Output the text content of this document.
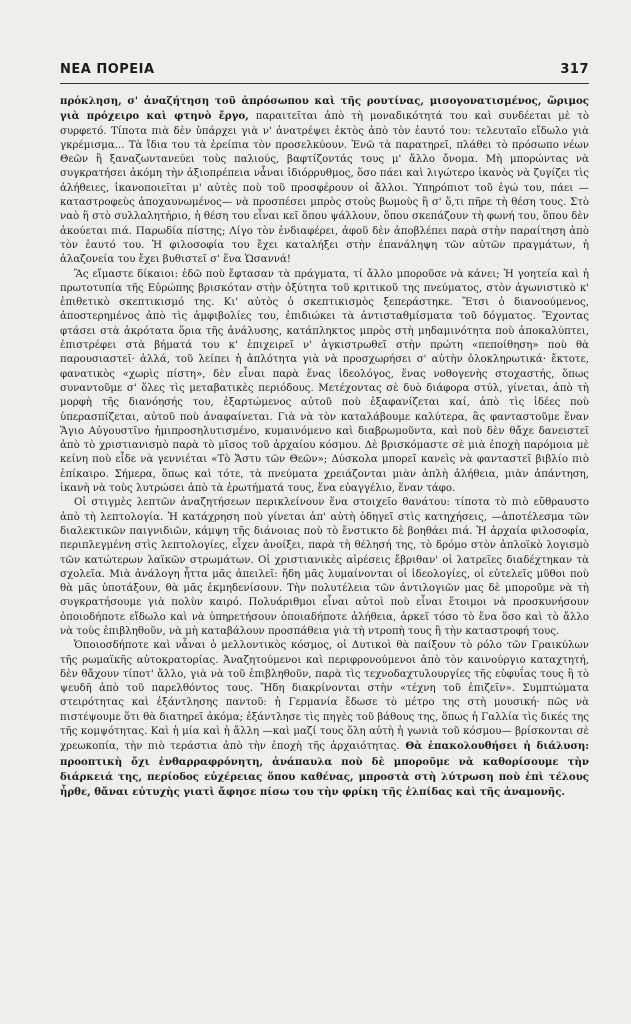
ΝΕΑ ΠΟΡΕΙΑ	317

πρόκληση, σ' ἀναζήτηση τοῦ ἀπρόσωπου καὶ τῆς ρουτίνας, μισογονατισμένος, ὥριμος γιὰ πρόχειρο καὶ φτηνὸ ἔργο, παραιτεῖται ἀπὸ τὴ μοναδικότητά του καὶ συνδέεται μὲ τὸ συρφετό. Τίποτα πιὰ δὲν ὑπάρχει γιὰ ν' ἀνατρέψει ἐκτὸς ἀπὸ τὸν ἑαυτό του: τελευταῖο εἴδωλο γιὰ γκρέμισμα... Τὰ ἴδια του τὰ ἐρείπια τὸν προσελκύουν. Ἐνῶ τὰ παρατηρεῖ, πλάθει τὸ πρόσωπο νέων Θεῶν ἢ ξαναζωντανεύει τοὺς παλιούς, βαφτίζοντάς τους μ' ἄλλο ὄνομα. Μὴ μπορώντας νὰ συγκρατήσει ἀκόμη τὴν ἀξιοπρέπεια νἆναι ἰδιόρρυθμος, ὅσο πάει καὶ λιγώτερο ἱκανὸς νὰ ζυγίζει τὶς ἀλήθειες, ἱκανοποιεῖται μ' αὐτὲς ποὺ τοῦ προσφέρουν οἱ ἄλλοι. Ὑπηρόπιοτ τοῦ ἐγώ του, πάει —καταστροφεὺς ἀποχαυνωμένος— νὰ προσπέσει μπρὸς στοὺς βωμοὺς ἢ σ' ὅ,τι πῆρε τὴ θέση τους. Στὸ ναὸ ἢ στὸ συλλαλητήριο, ἡ θέση του εἶναι κεῖ ὅπου ψάλλουν, ὅπου σκεπάζουν τὴ φωνή του, ὅπου δὲν ἀκούεται πιά. Παρωδία πίστης; Λίγο τὸν ἐνδιαφέρει, ἀφοῦ δὲν ἀποβλέπει παρὰ στὴν παραίτηση ἀπὸ τὸν ἑαυτό του. Ἡ φιλοσοφία του ἔχει καταλήξει στὴν ἐπανάληψη τῶν αὐτῶν πραγμάτων, ἡ ἀλαζονεία του ἔχει βυθιστεῖ σ' ἕνα Ὡσαννά!

Ἂς εἴμαστε δίκαιοι: ἐδῶ ποὺ ἔφτασαν τὰ πράγματα, τί ἄλλο μποροῦσε νὰ κάνει; Ἡ γοητεία καὶ ἡ πρωτοτυπία τῆς Εὐρώπης βρισκόταν στὴν ὀξύτητα τοῦ κριτικοῦ της πνεύματος, στὸν ἀγωνιστικὸ κ' ἐπιθετικὸ σκεπτικισμό της. Κι' αὐτὸς ὁ σκεπτικισμὸς ξεπεράστηκε. Ἔτσι ὁ διανοούμενος, ἀποστερημένος ἀπὸ τὶς ἀμφιβολίες του, ἐπιδιώκει τὰ ἀντισταθμίσματα τοῦ δόγματος. Ἔχοντας φτάσει στὰ ἀκρότατα ὅρια τῆς ἀνάλυσης, κατάπληκτος μπρὸς στὴ μηδαμινότητα ποὺ ἀποκαλύπτει, ἐπιστρέφει στὰ βήματά του κ' ἐπιχειρεῖ ν' ἀγκιστρωθεῖ στὴν πρώτη «πεποίθηση» ποὺ θὰ παρουσιαστεῖ· ἀλλά, τοῦ λείπει ἡ ἁπλότητα γιὰ νὰ προσχωρήσει σ' αὐτὴν ὁλοκληρωτικά· ἔκτοτε, φανατικὸς «χωρὶς πίστη», δὲν εἶναι παρὰ ἕνας ἰδεολόγος, ἕνας νοθογενὴς στοχαστής, ὅπως συναντοῦμε σ' ὅλες τὶς μεταβατικὲς περιόδους. Μετέχοντας σὲ δυὸ διάφορα στύλ, γίνεται, ἀπὸ τὴ μορφὴ τῆς διανόησής του, ἐξαρτώμενος αὐτοῦ ποὺ ἐξαφανίζεται καί, ἀπὸ τὶς ἰδέες ποὺ ὑπερασπίζεται, αὐτοῦ ποὺ ἀναφαίνεται. Γιὰ νὰ τὸν καταλάβουμε καλύτερα, ἂς φανταστοῦμε ἕναν Ἅγιο Αὐγουστῖνο ἡμιπροσηλυτισμένο, κυμαινόμενο καὶ διαβρωμοῦντα, καὶ ποὺ δὲν θἄχε δανειστεῖ ἀπὸ τὸ χριστιανισμὸ παρὰ τὸ μῖσος τοῦ ἀρχαίου κόσμου. Δὲ βρισκόμαστε σὲ μιὰ ἐποχὴ παρόμοια μὲ κείνη ποὺ εἶδε νὰ γεννιέται «Τὸ Ἄστυ τῶν Θεῶν»; Δύσκολα μπορεῖ κανεὶς νὰ φανταστεῖ βιβλίο πιὸ ἐπίκαιρο. Σήμερα, ὅπως καὶ τότε, τὰ πνεύματα χρειάζονται μιὰν ἁπλὴ ἀλήθεια, μιὰν ἀπάντηση, ἱκανὴ νὰ τοὺς λυτρώσει ἀπὸ τὰ ἐρωτήματά τους, ἕνα εὐαγγέλιο, ἕναν τάφο.

Οἱ στιγμὲς λεπτῶν ἀναζητήσεων περικλείνουν ἕνα στοιχεῖο θανάτου: τίποτα τὸ πιὸ εὔθραυστο ἀπὸ τὴ λεπτολογία. Ἡ κατάχρηση ποὺ γίνεται ἀπ' αὐτὴ ὁδηγεῖ στὶς κατηχήσεις, —ἀποτέλεσμα τῶν διαλεκτικῶν παιγνιδιῶν, κάμψη τῆς διάνοιας ποὺ τὸ ἔνστικτο δὲ βοηθάει πιά. Ἡ ἀρχαία φιλοσοφία, περιπλεγμένη στὶς λεπτολογίες, εἶχεν ἀνοίξει, παρὰ τὴ θέλησή της, τὸ δρόμο στὸν ἁπλοϊκὸ λογισμὸ τῶν κατώτερων λαϊκῶν στρωμάτων. Οἱ χριστιανικὲς αἱρέσεις ἔβριθαν' οἱ λατρεῖες διαδέχτηκαν τὰ σχολεῖα. Μιὰ ἀνάλογη ἧττα μᾶς ἀπειλεῖ: ἤδη μᾶς λυμαίνονται οἱ ἰδεολογίες, οἱ εὐτελεῖς μῦθοι ποὺ θὰ μᾶς ὑποτάξουν, θὰ μᾶς ἐκμηδενίσουν. Τὴν πολυτέλεια τῶν ἀντιλογιῶν μας δὲ μποροῦμε νὰ τὴ συγκρατήσουμε γιὰ πολὺν καιρό. Πολυάριθμοι εἶναι αὐτοὶ ποὺ εἶναι ἕτοιμοι νὰ προσκυνήσουν ὁποιοδήποτε εἴδωλο καὶ νὰ ὑπηρετήσουν ὁποιαδήποτε ἀλήθεια, ἀρκεῖ τόσο τὸ ἕνα ὅσο καὶ τὸ ἄλλο νὰ τοὺς ἐπιβληθοῦν, νὰ μὴ καταβάλουν προσπάθεια γιὰ τὴ ντροπὴ τους ἢ τὴν καταστροφή τους.

Ὁποιοσδήποτε καὶ νἆναι ὁ μελλοντικὸς κόσμος, οἱ Δυτικοὶ θὰ παίξουν τὸ ρόλο τῶν Γραικύλων τῆς ρωμαϊκῆς αὐτοκρατορίας. Ἀναζητούμενοι καὶ περιφρονούμενοι ἀπὸ τὸν καινούργιο καταχτητή, δὲν θἄχουν τίποτ' ἄλλο, γιὰ νὰ τοῦ ἐπιβληθοῦν, παρὰ τὶς τεχνοδαχτυλουργίες τῆς εὐφυΐας τους ἢ τὸ ψευδῆ ἀπὸ τοῦ παρελθόντος τους. Ἤδη διακρίνονται στὴν «τέχνη τοῦ ἐπιζεῖν». Συμπτώματα στειρότητας καὶ ἐξάντλησης παντοῦ: ἡ Γερμανία ἔδωσε τὸ μέτρο της στὴ μουσική· πῶς νὰ πιστέψουμε ὅτι θὰ διατηρεῖ ἀκόμα; ἐξάντλησε τὶς πηγὲς τοῦ βάθους της, ὅπως ἡ Γαλλία τὶς δικές της τῆς κομψότητας. Καὶ ἡ μία καὶ ἡ ἄλλη —καὶ μαζί τους ὅλη αὐτὴ ἡ γωνιὰ τοῦ κόσμου— βρίσκονται σὲ χρεωκοπία, τὴν πιὸ τεράστια ἀπὸ τὴν ἐποχὴ τῆς ἀρχαιότητας. Θὰ ἐπακολουθήσει ἡ διάλυση: προοπτικὴ ὄχι ἐνθαρραφρόνητη, ἀνάπαυλα ποὺ δὲ μποροῦμε νὰ καθορίσουμε τὴν διάρκειά της, περίοδος εὐχέρειας ὅπου καθένας, μπροστὰ στὴ λύτρωση ποὺ ἐπὶ τέλους ἦρθε, θἄναι εὐτυχὴς γιατὶ ἄφησε πίσω του τὴν φρίκη τῆς ἐλπίδας καὶ τῆς ἀναμονῆς.
